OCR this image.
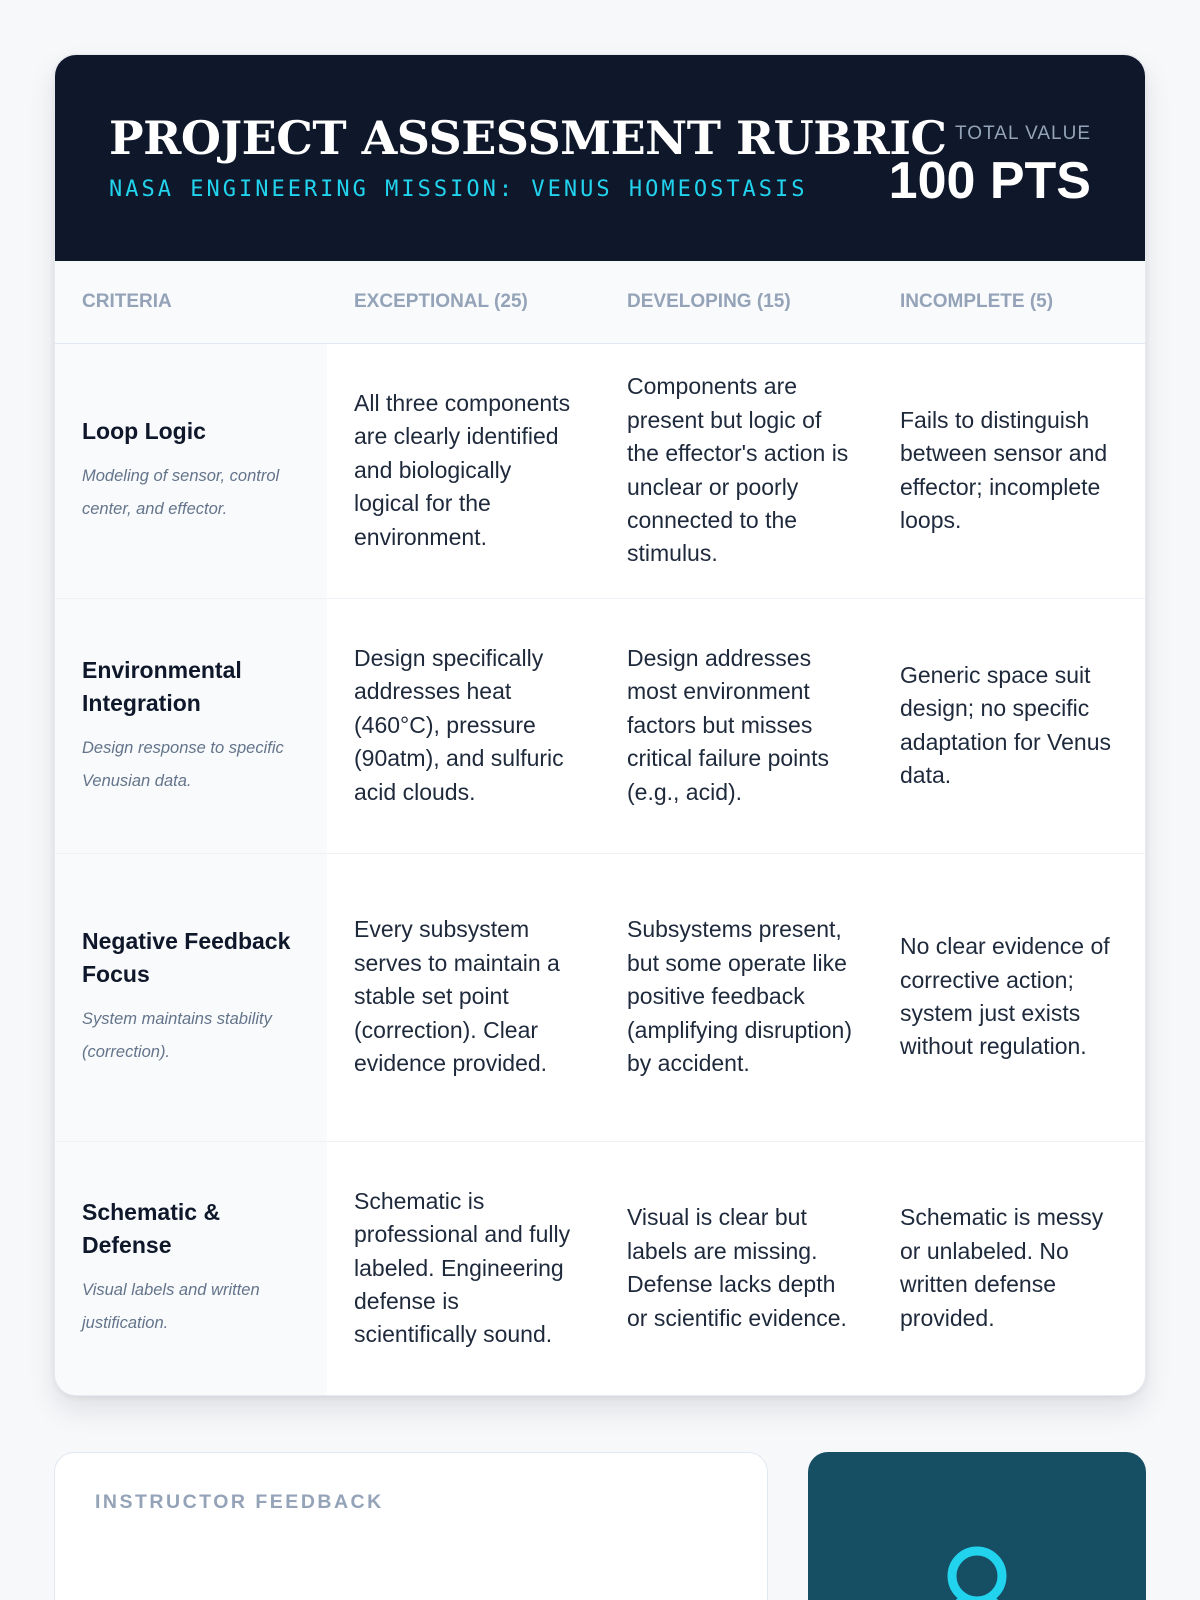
PROJECT ASSESSMENT RUBRIC
NASA ENGINEERING MISSION: VENUS HOMEOSTASIS
TOTAL VALUE
100 PTS
CRITERIA	EXCEPTIONAL (25)	DEVELOPING (15)	INCOMPLETE (5)

Loop Logic
Modeling of sensor, control center, and effector.	All three components are clearly identified and biologically logical for the environment.	Components are present but logic of the effector's action is unclear or poorly connected to the stimulus.	Fails to distinguish between sensor and effector; incomplete loops.

Environmental Integration
Design response to specific Venusian data.	Design specifically addresses heat (460°C), pressure (90atm), and sulfuric acid clouds.	Design addresses most environment factors but misses critical failure points (e.g., acid).	Generic space suit design; no specific adaptation for Venus data.

Negative Feedback Focus
System maintains stability (correction).	Every subsystem serves to maintain a stable set point (correction). Clear evidence provided.	Subsystems present, but some operate like positive feedback (amplifying disruption) by accident.	No clear evidence of corrective action; system just exists without regulation.

Schematic & Defense
Visual labels and written justification.	Schematic is professional and fully labeled. Engineering defense is scientifically sound.	Visual is clear but labels are missing. Defense lacks depth or scientific evidence.	Schematic is messy or unlabeled. No written defense provided.
INSTRUCTOR FEEDBACK
